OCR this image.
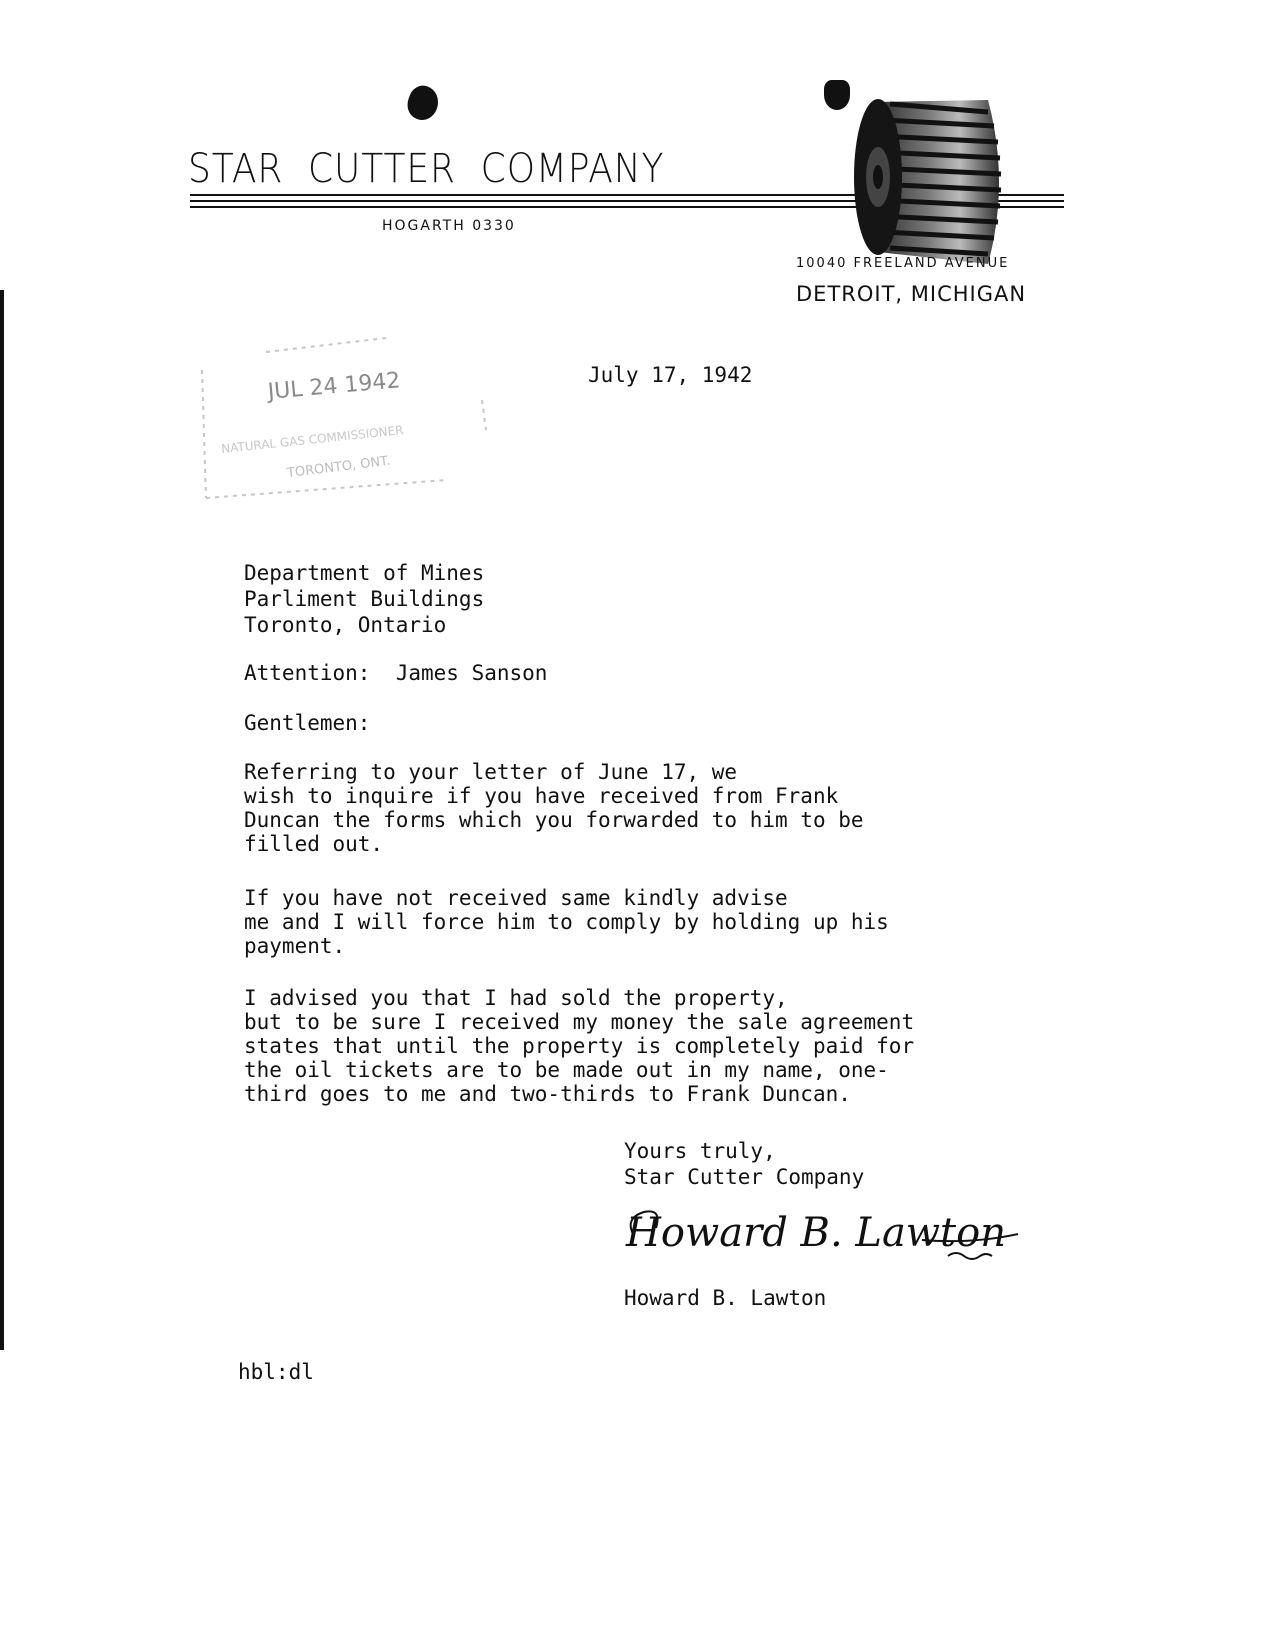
STAR  CUTTER  COMPANY
HOGARTH 0330
10040 FREELAND AVENUE
DETROIT, MICHIGAN
JUL 24 1942
NATURAL GAS COMMISSIONER
TORONTO, ONT.
July 17, 1942
Department of Mines
Parliment Buildings
Toronto, Ontario
Attention:  James Sanson
Gentlemen:
Referring to your letter of June 17, we
wish to inquire if you have received from Frank
Duncan the forms which you forwarded to him to be
filled out.
If you have not received same kindly advise
me and I will force him to comply by holding up his
payment.
I advised you that I had sold the property,
but to be sure I received my money the sale agreement
states that until the property is completely paid for
the oil tickets are to be made out in my name, one-
third goes to me and two-thirds to Frank Duncan.
Yours truly,
Star Cutter Company
Howard B. Lawton
Howard B. Lawton
hbl:dl
